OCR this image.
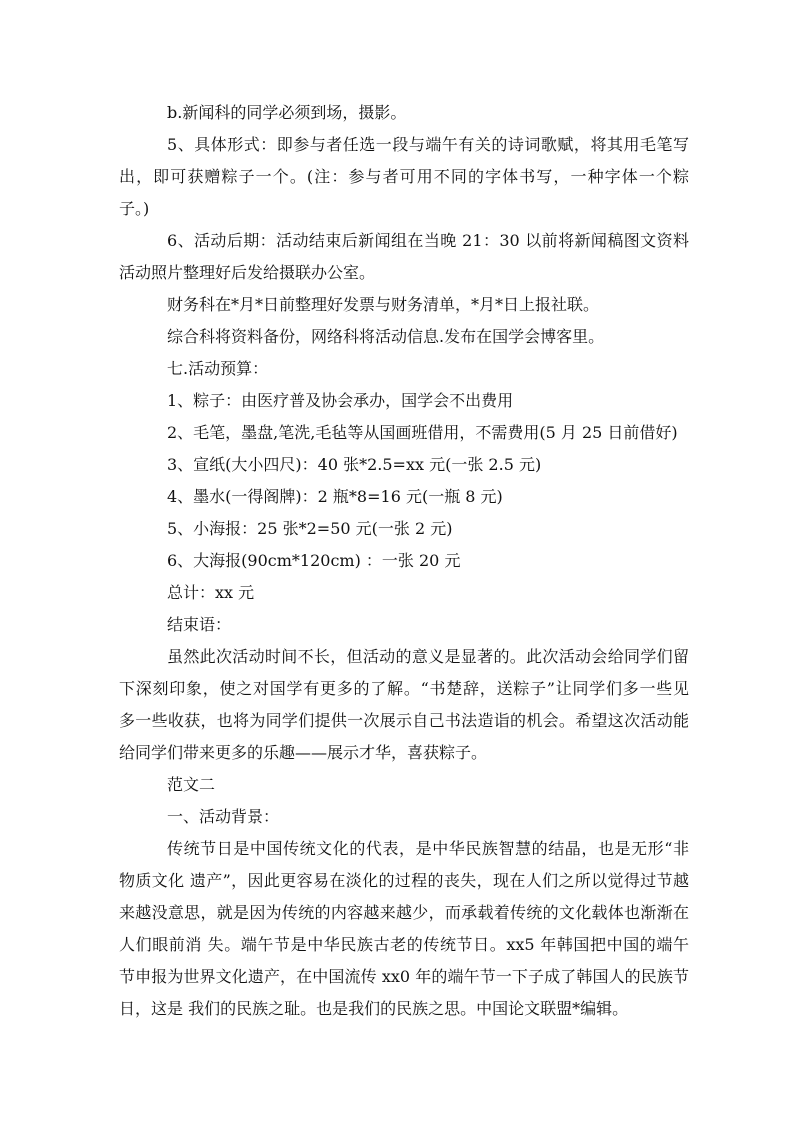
b.新闻科的同学必须到场，摄影。
5、具体形式：即参与者任选一段与端午有关的诗词歌赋，将其用毛笔写
出，即可获赠粽子一个。(注：参与者可用不同的字体书写，一种字体一个粽
子。)
6、活动后期：活动结束后新闻组在当晚 21：30 以前将新闻稿图文资料
活动照片整理好后发给摄联办公室。
财务科在*月*日前整理好发票与财务清单，*月*日上报社联。
综合科将资料备份，网络科将活动信息.发布在国学会博客里。
七.活动预算：
1、粽子：由医疗普及协会承办，国学会不出费用
2、毛笔，墨盘,笔洗,毛毡等从国画班借用，不需费用(5 月 25 日前借好)
3、宣纸(大小四尺)：40 张*2.5=xx 元(一张 2.5 元)
4、墨水(一得阁牌)：2 瓶*8=16 元(一瓶 8 元)
5、小海报：25 张*2=50 元(一张 2 元)
6、大海报(90cm*120cm) ：一张 20 元
总计：xx 元
结束语：
虽然此次活动时间不长，但活动的意义是显著的。此次活动会给同学们留
下深刻印象，使之对国学有更多的了解。“书楚辞，送粽子”让同学们多一些见
多一些收获，也将为同学们提供一次展示自己书法造诣的机会。希望这次活动能
给同学们带来更多的乐趣——展示才华，喜获粽子。
范文二
一、活动背景：
传统节日是中国传统文化的代表，是中华民族智慧的结晶，也是无形“非
物质文化 遗产”，因此更容易在淡化的过程的丧失，现在人们之所以觉得过节越
来越没意思，就是因为传统的内容越来越少，而承载着传统的文化载体也渐渐在
人们眼前消 失。端午节是中华民族古老的传统节日。xx5 年韩国把中国的端午
节申报为世界文化遗产，在中国流传 xx0 年的端午节一下子成了韩国人的民族节
日，这是 我们的民族之耻。也是我们的民族之思。中国论文联盟*编辑。
